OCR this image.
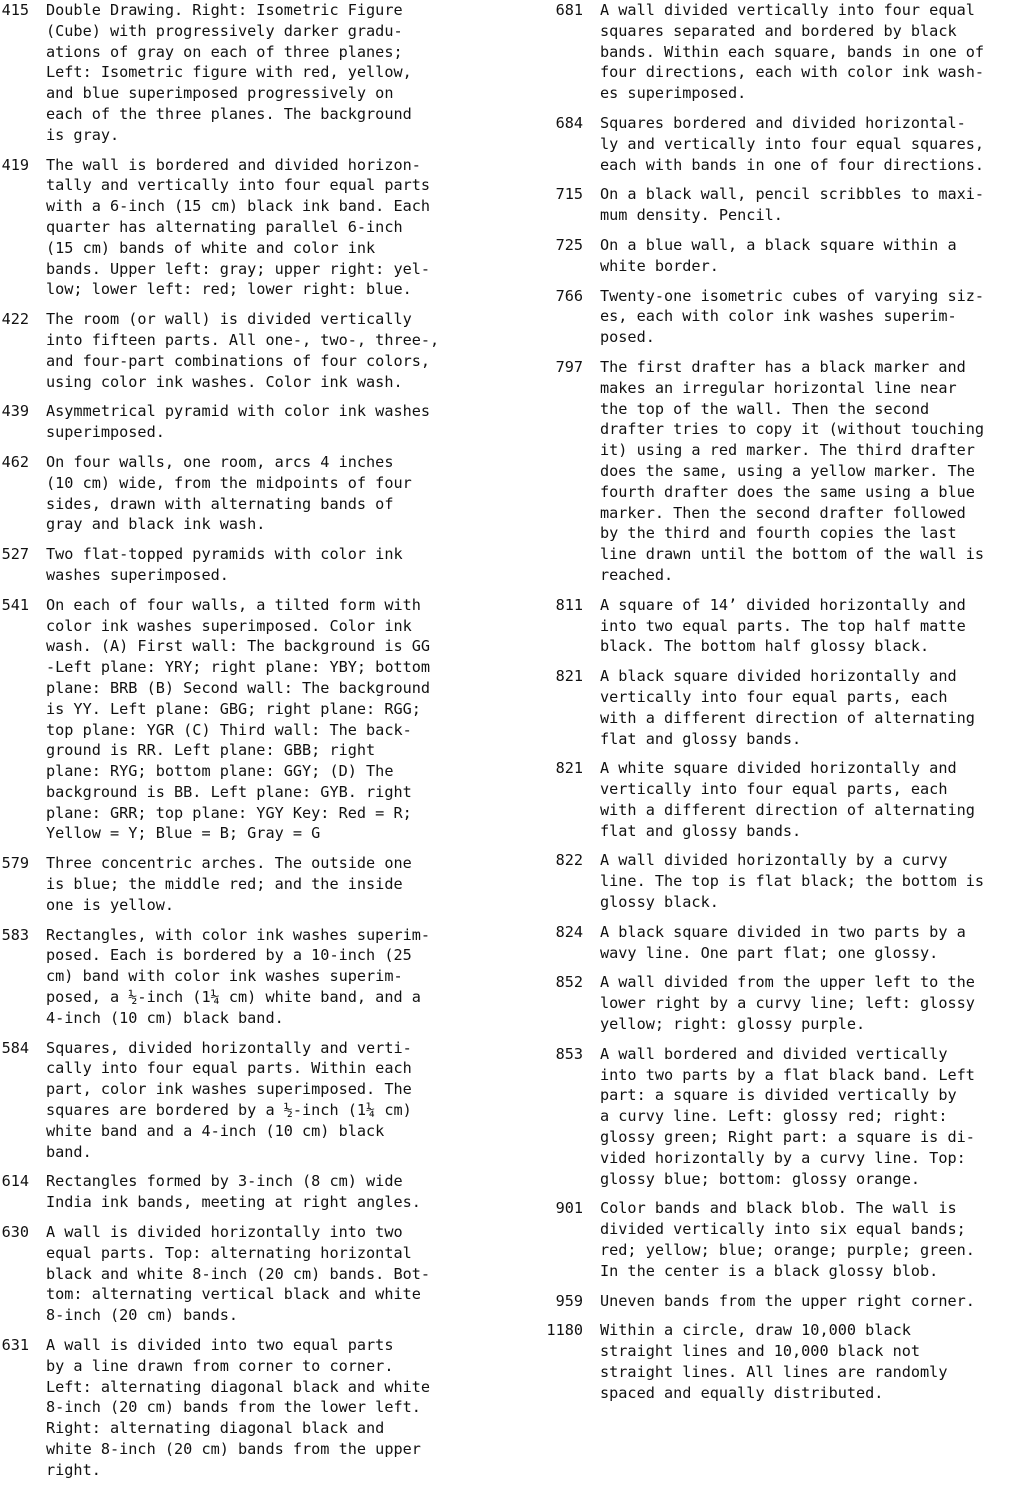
415 Double Drawing. Right: Isometric Figure
(Cube) with progressively darker gradu-
ations of gray on each of three planes;
Left: Isometric figure with red, yellow,
and blue superimposed progressively on
each of the three planes. The background
is gray.
419 The wall is bordered and divided horizon-
tally and vertically into four equal parts
with a 6-inch (15 cm) black ink band. Each
quarter has alternating parallel 6-inch
(15 cm) bands of white and color ink
bands. Upper left: gray; upper right: yel-
low; lower left: red; lower right: blue.
422 The room (or wall) is divided vertically
into fifteen parts. All one-, two-, three-,
and four-part combinations of four colors,
using color ink washes. Color ink wash.
439 Asymmetrical pyramid with color ink washes
superimposed.
462 On four walls, one room, arcs 4 inches
(10 cm) wide, from the midpoints of four
sides, drawn with alternating bands of
gray and black ink wash.
527 Two flat-topped pyramids with color ink
washes superimposed.
541 On each of four walls, a tilted form with
color ink washes superimposed. Color ink
wash. (A) First wall: The background is GG
-Left plane: YRY; right plane: YBY; bottom
plane: BRB (B) Second wall: The background
is YY. Left plane: GBG; right plane: RGG;
top plane: YGR (C) Third wall: The back-
ground is RR. Left plane: GBB; right
plane: RYG; bottom plane: GGY; (D) The
background is BB. Left plane: GYB. right
plane: GRR; top plane: YGY Key: Red = R;
Yellow = Y; Blue = B; Gray = G
579 Three concentric arches. The outside one
is blue; the middle red; and the inside
one is yellow.
583 Rectangles, with color ink washes superim-
posed. Each is bordered by a 10-inch (25
cm) band with color ink washes superim-
posed, a ½-inch (1¼ cm) white band, and a
4-inch (10 cm) black band.
584 Squares, divided horizontally and verti-
cally into four equal parts. Within each
part, color ink washes superimposed. The
squares are bordered by a ½-inch (1¼ cm)
white band and a 4-inch (10 cm) black
band.
614 Rectangles formed by 3-inch (8 cm) wide
India ink bands, meeting at right angles.
630 A wall is divided horizontally into two
equal parts. Top: alternating horizontal
black and white 8-inch (20 cm) bands. Bot-
tom: alternating vertical black and white
8-inch (20 cm) bands.
631 A wall is divided into two equal parts
by a line drawn from corner to corner.
Left: alternating diagonal black and white
8-inch (20 cm) bands from the lower left.
Right: alternating diagonal black and
white 8-inch (20 cm) bands from the upper
right.
681 A wall divided vertically into four equal
squares separated and bordered by black
bands. Within each square, bands in one of
four directions, each with color ink wash-
es superimposed.
684 Squares bordered and divided horizontal-
ly and vertically into four equal squares,
each with bands in one of four directions.
715 On a black wall, pencil scribbles to maxi-
mum density. Pencil.
725 On a blue wall, a black square within a
white border.
766 Twenty-one isometric cubes of varying siz-
es, each with color ink washes superim-
posed.
797 The first drafter has a black marker and
makes an irregular horizontal line near
the top of the wall. Then the second
drafter tries to copy it (without touching
it) using a red marker. The third drafter
does the same, using a yellow marker. The
fourth drafter does the same using a blue
marker. Then the second drafter followed
by the third and fourth copies the last
line drawn until the bottom of the wall is
reached.
811 A square of 14’ divided horizontally and
into two equal parts. The top half matte
black. The bottom half glossy black.
821 A black square divided horizontally and
vertically into four equal parts, each
with a different direction of alternating
flat and glossy bands.
821 A white square divided horizontally and
vertically into four equal parts, each
with a different direction of alternating
flat and glossy bands.
822 A wall divided horizontally by a curvy
line. The top is flat black; the bottom is
glossy black.
824 A black square divided in two parts by a
wavy line. One part flat; one glossy.
852 A wall divided from the upper left to the
lower right by a curvy line; left: glossy
yellow; right: glossy purple.
853 A wall bordered and divided vertically
into two parts by a flat black band. Left
part: a square is divided vertically by
a curvy line. Left: glossy red; right:
glossy green; Right part: a square is di-
vided horizontally by a curvy line. Top:
glossy blue; bottom: glossy orange.
901 Color bands and black blob. The wall is
divided vertically into six equal bands;
red; yellow; blue; orange; purple; green.
In the center is a black glossy blob.
959 Uneven bands from the upper right corner.
1180 Within a circle, draw 10,000 black
straight lines and 10,000 black not
straight lines. All lines are randomly
spaced and equally distributed.
